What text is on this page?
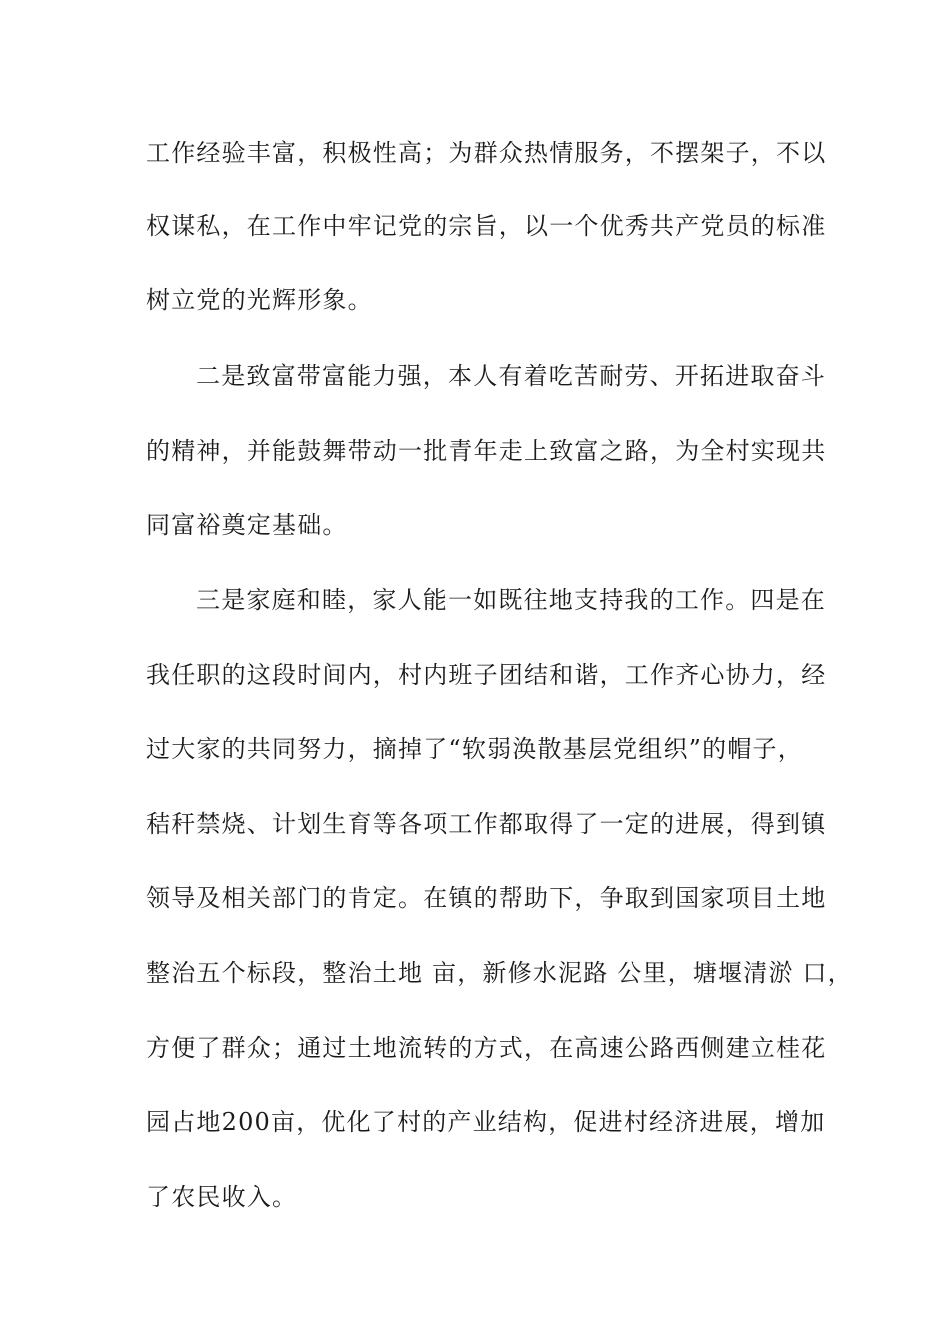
工作经验丰富，积极性高；为群众热情服务，不摆架子，不以
权谋私，在工作中牢记党的宗旨，以一个优秀共产党员的标准
树立党的光辉形象。
二是致富带富能力强，本人有着吃苦耐劳、开拓进取奋斗
的精神，并能鼓舞带动一批青年走上致富之路，为全村实现共
同富裕奠定基础。
三是家庭和睦，家人能一如既往地支持我的工作。四是在
我任职的这段时间内，村内班子团结和谐，工作齐心协力，经
过大家的共同努力，摘掉了“软弱涣散基层党组织”的帽子，
秸秆禁烧、计划生育等各项工作都取得了一定的进展，得到镇
领导及相关部门的肯定。在镇的帮助下，争取到国家项目土地
整治五个标段，整治土地 亩，新修水泥路 公里，塘堰清淤 口，
方便了群众；通过土地流转的方式，在高速公路西侧建立桂花
园占地200亩，优化了村的产业结构，促进村经济进展，增加
了农民收入。
